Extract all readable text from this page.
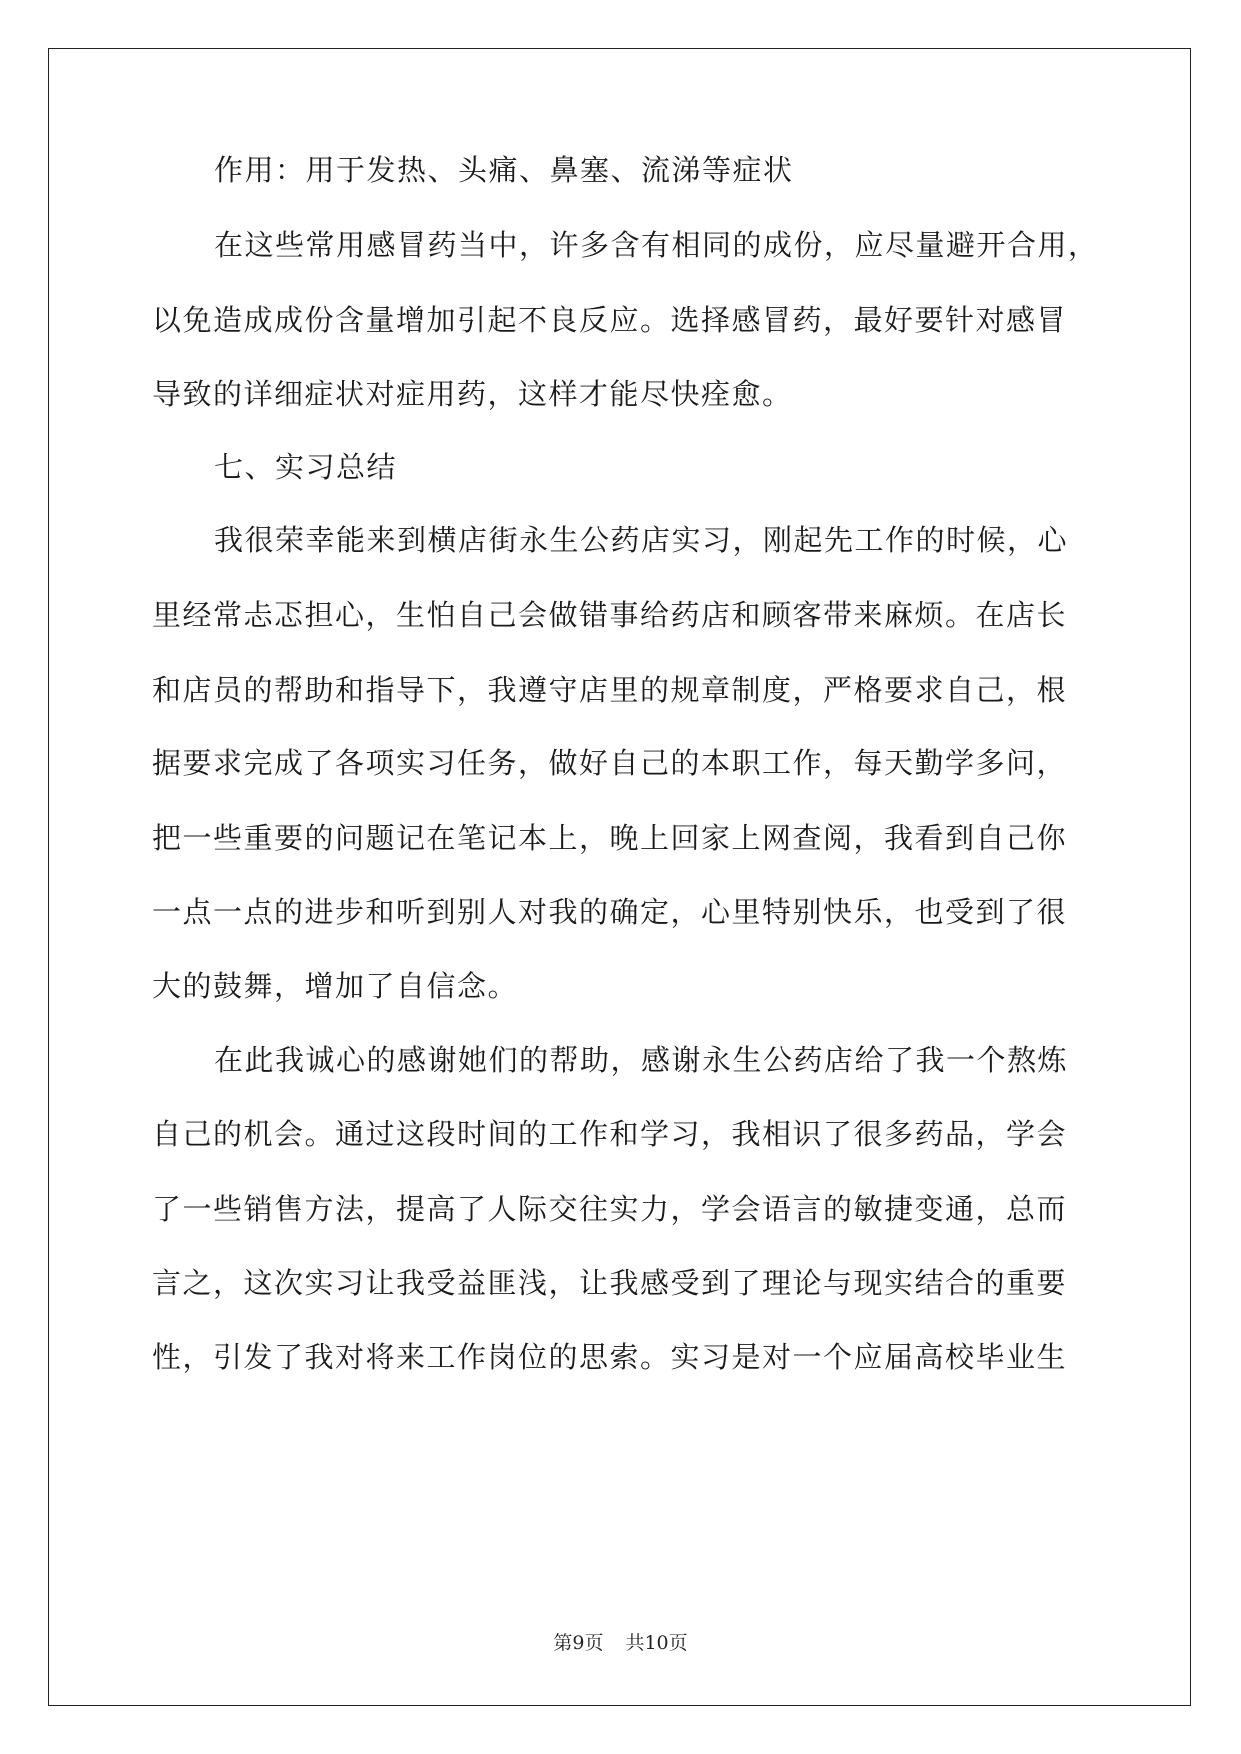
作用：用于发热、头痛、鼻塞、流涕等症状
在这些常用感冒药当中，许多含有相同的成份，应尽量避开合用，
以免造成成份含量增加引起不良反应。选择感冒药，最好要针对感冒
导致的详细症状对症用药，这样才能尽快痊愈。
七、实习总结
我很荣幸能来到横店街永生公药店实习，刚起先工作的时候，心
里经常忐忑担心，生怕自己会做错事给药店和顾客带来麻烦。在店长
和店员的帮助和指导下，我遵守店里的规章制度，严格要求自己，根
据要求完成了各项实习任务，做好自己的本职工作，每天勤学多问，
把一些重要的问题记在笔记本上，晚上回家上网查阅，我看到自己你
一点一点的进步和听到别人对我的确定，心里特别快乐，也受到了很
大的鼓舞，增加了自信念。
在此我诚心的感谢她们的帮助，感谢永生公药店给了我一个熬炼
自己的机会。通过这段时间的工作和学习，我相识了很多药品，学会
了一些销售方法，提高了人际交往实力，学会语言的敏捷变通，总而
言之，这次实习让我受益匪浅，让我感受到了理论与现实结合的重要
性，引发了我对将来工作岗位的思索。实习是对一个应届高校毕业生
第9页 共10页
